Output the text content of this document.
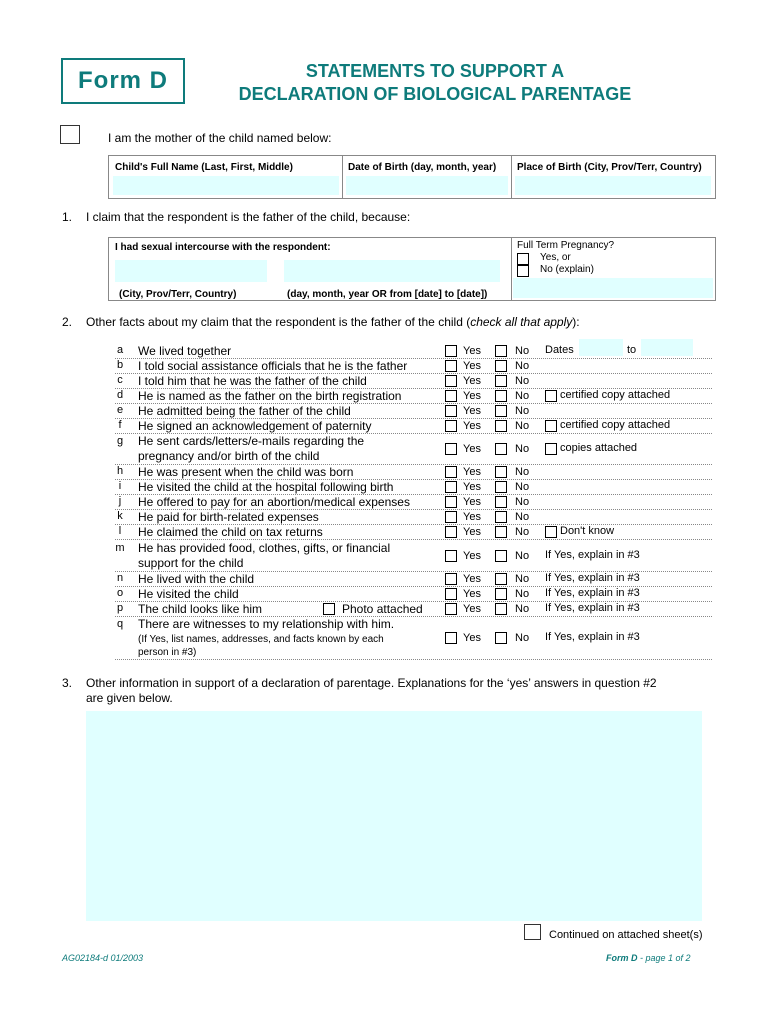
Form D	STATEMENTS TO SUPPORT A
DECLARATION OF BIOLOGICAL PARENTAGE
I am the mother of the child named below:
Child's Full Name (Last, First, Middle)	Date of Birth (day, month, year) Place of Birth (City, Prov/Terr, Country)
1. I claim that the respondent is the father of the child, because:
I had sexual intercourse with the respondent:
(City, Prov/Terr, Country)	(day, month, year OR from [date] to [date])
Full Term Pregnancy?
Yes, or
No (explain)
2. Other facts about my claim that the respondent is the father of the child (check all that apply):
a We lived together	Yes	No Dates	to
b I told social assistance officials that he is the father	Yes	No
c I told him that he was the father of the child	Yes	No
d He is named as the father on the birth registration	Yes	No	certified copy attached
e He admitted being the father of the child	Yes	No
f He signed an acknowledgement of paternity	Yes	No	certified copy attached
g He sent cards/letters/e-mails regarding the
pregnancy and/or birth of the child	Yes	No	copies attached
h He was present when the child was born	Yes	No
i	He visited the child at the hospital following birth	Yes	No
j	He offered to pay for an abortion/medical expenses	Yes	No
k He paid for birth-related expenses	Yes	No
l	He claimed the child on tax returns	Yes	No	Don't know
m He has provided food, clothes, gifts, or financial
support for the child	Yes	No If Yes, explain in #3
n He lived with the child	Yes	No If Yes, explain in #3
o He visited the child	Yes	No If Yes, explain in #3
p The child looks like him	Photo attached	Yes	No If Yes, explain in #3
q There are witnesses to my relationship with him.
(If Yes, list names, addresses, and facts known by each
person in #3)
Yes	No If Yes, explain in #3
3. Other information in support of a declaration of parentage. Explanations for the ‘yes’ answers in question #2
are given below.
Continued on attached sheet(s)
AG02184-d 01/2003	Form D - page 1 of 2
